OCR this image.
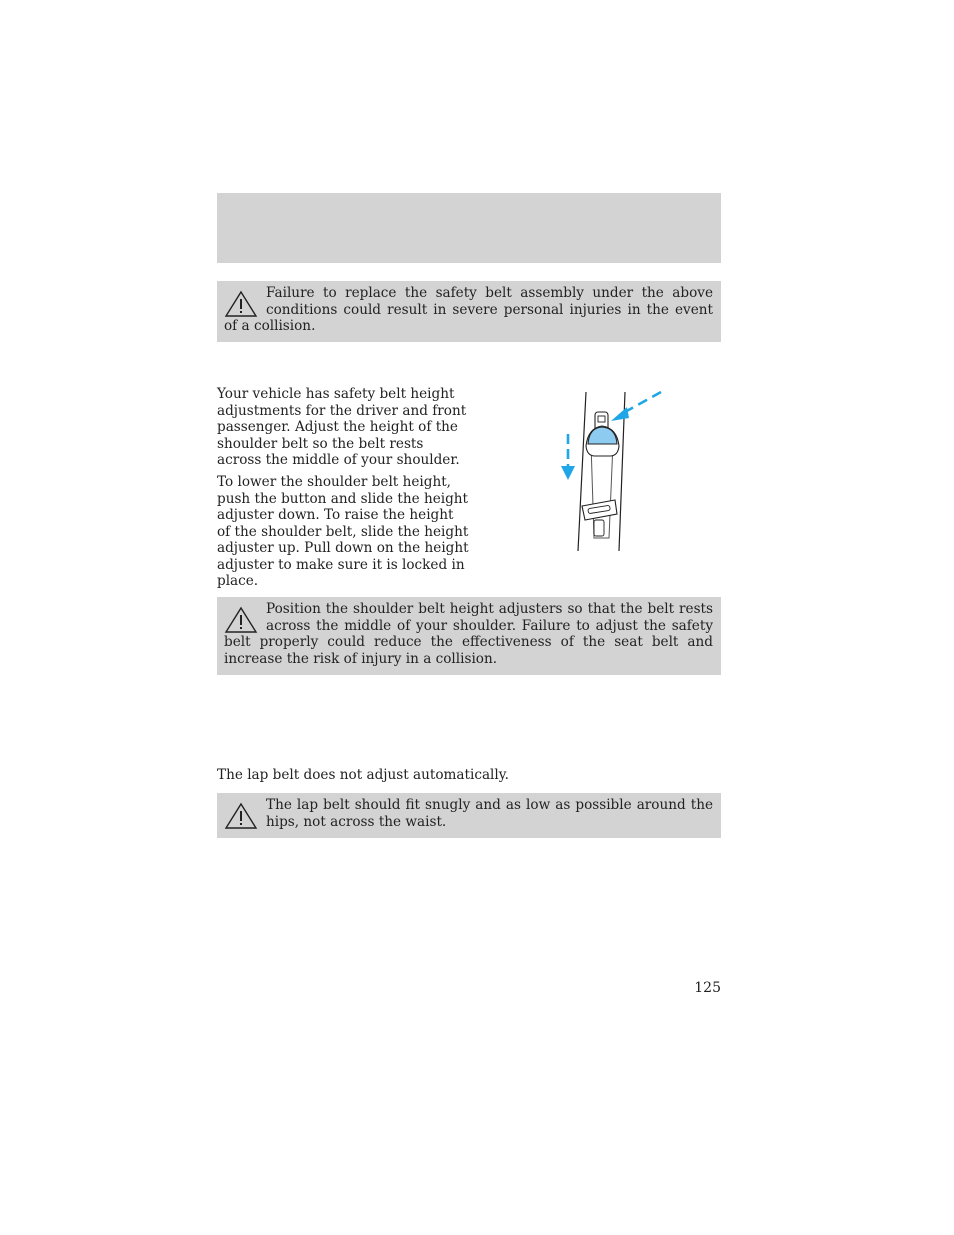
Failure to replace the safety belt assembly under the above conditions could result in severe personal injuries in the event of a collision.
Your vehicle has safety belt height adjustments for the driver and front passenger. Adjust the height of the shoulder belt so the belt rests across the middle of your shoulder.
To lower the shoulder belt height, push the button and slide the height adjuster down. To raise the height of the shoulder belt, slide the height adjuster up. Pull down on the height adjuster to make sure it is locked in place.
Position the shoulder belt height adjusters so that the belt rests across the middle of your shoulder. Failure to adjust the safety belt properly could reduce the effectiveness of the seat belt and increase the risk of injury in a collision.
The lap belt does not adjust automatically.
The lap belt should fit snugly and as low as possible around the hips, not across the waist.
125
